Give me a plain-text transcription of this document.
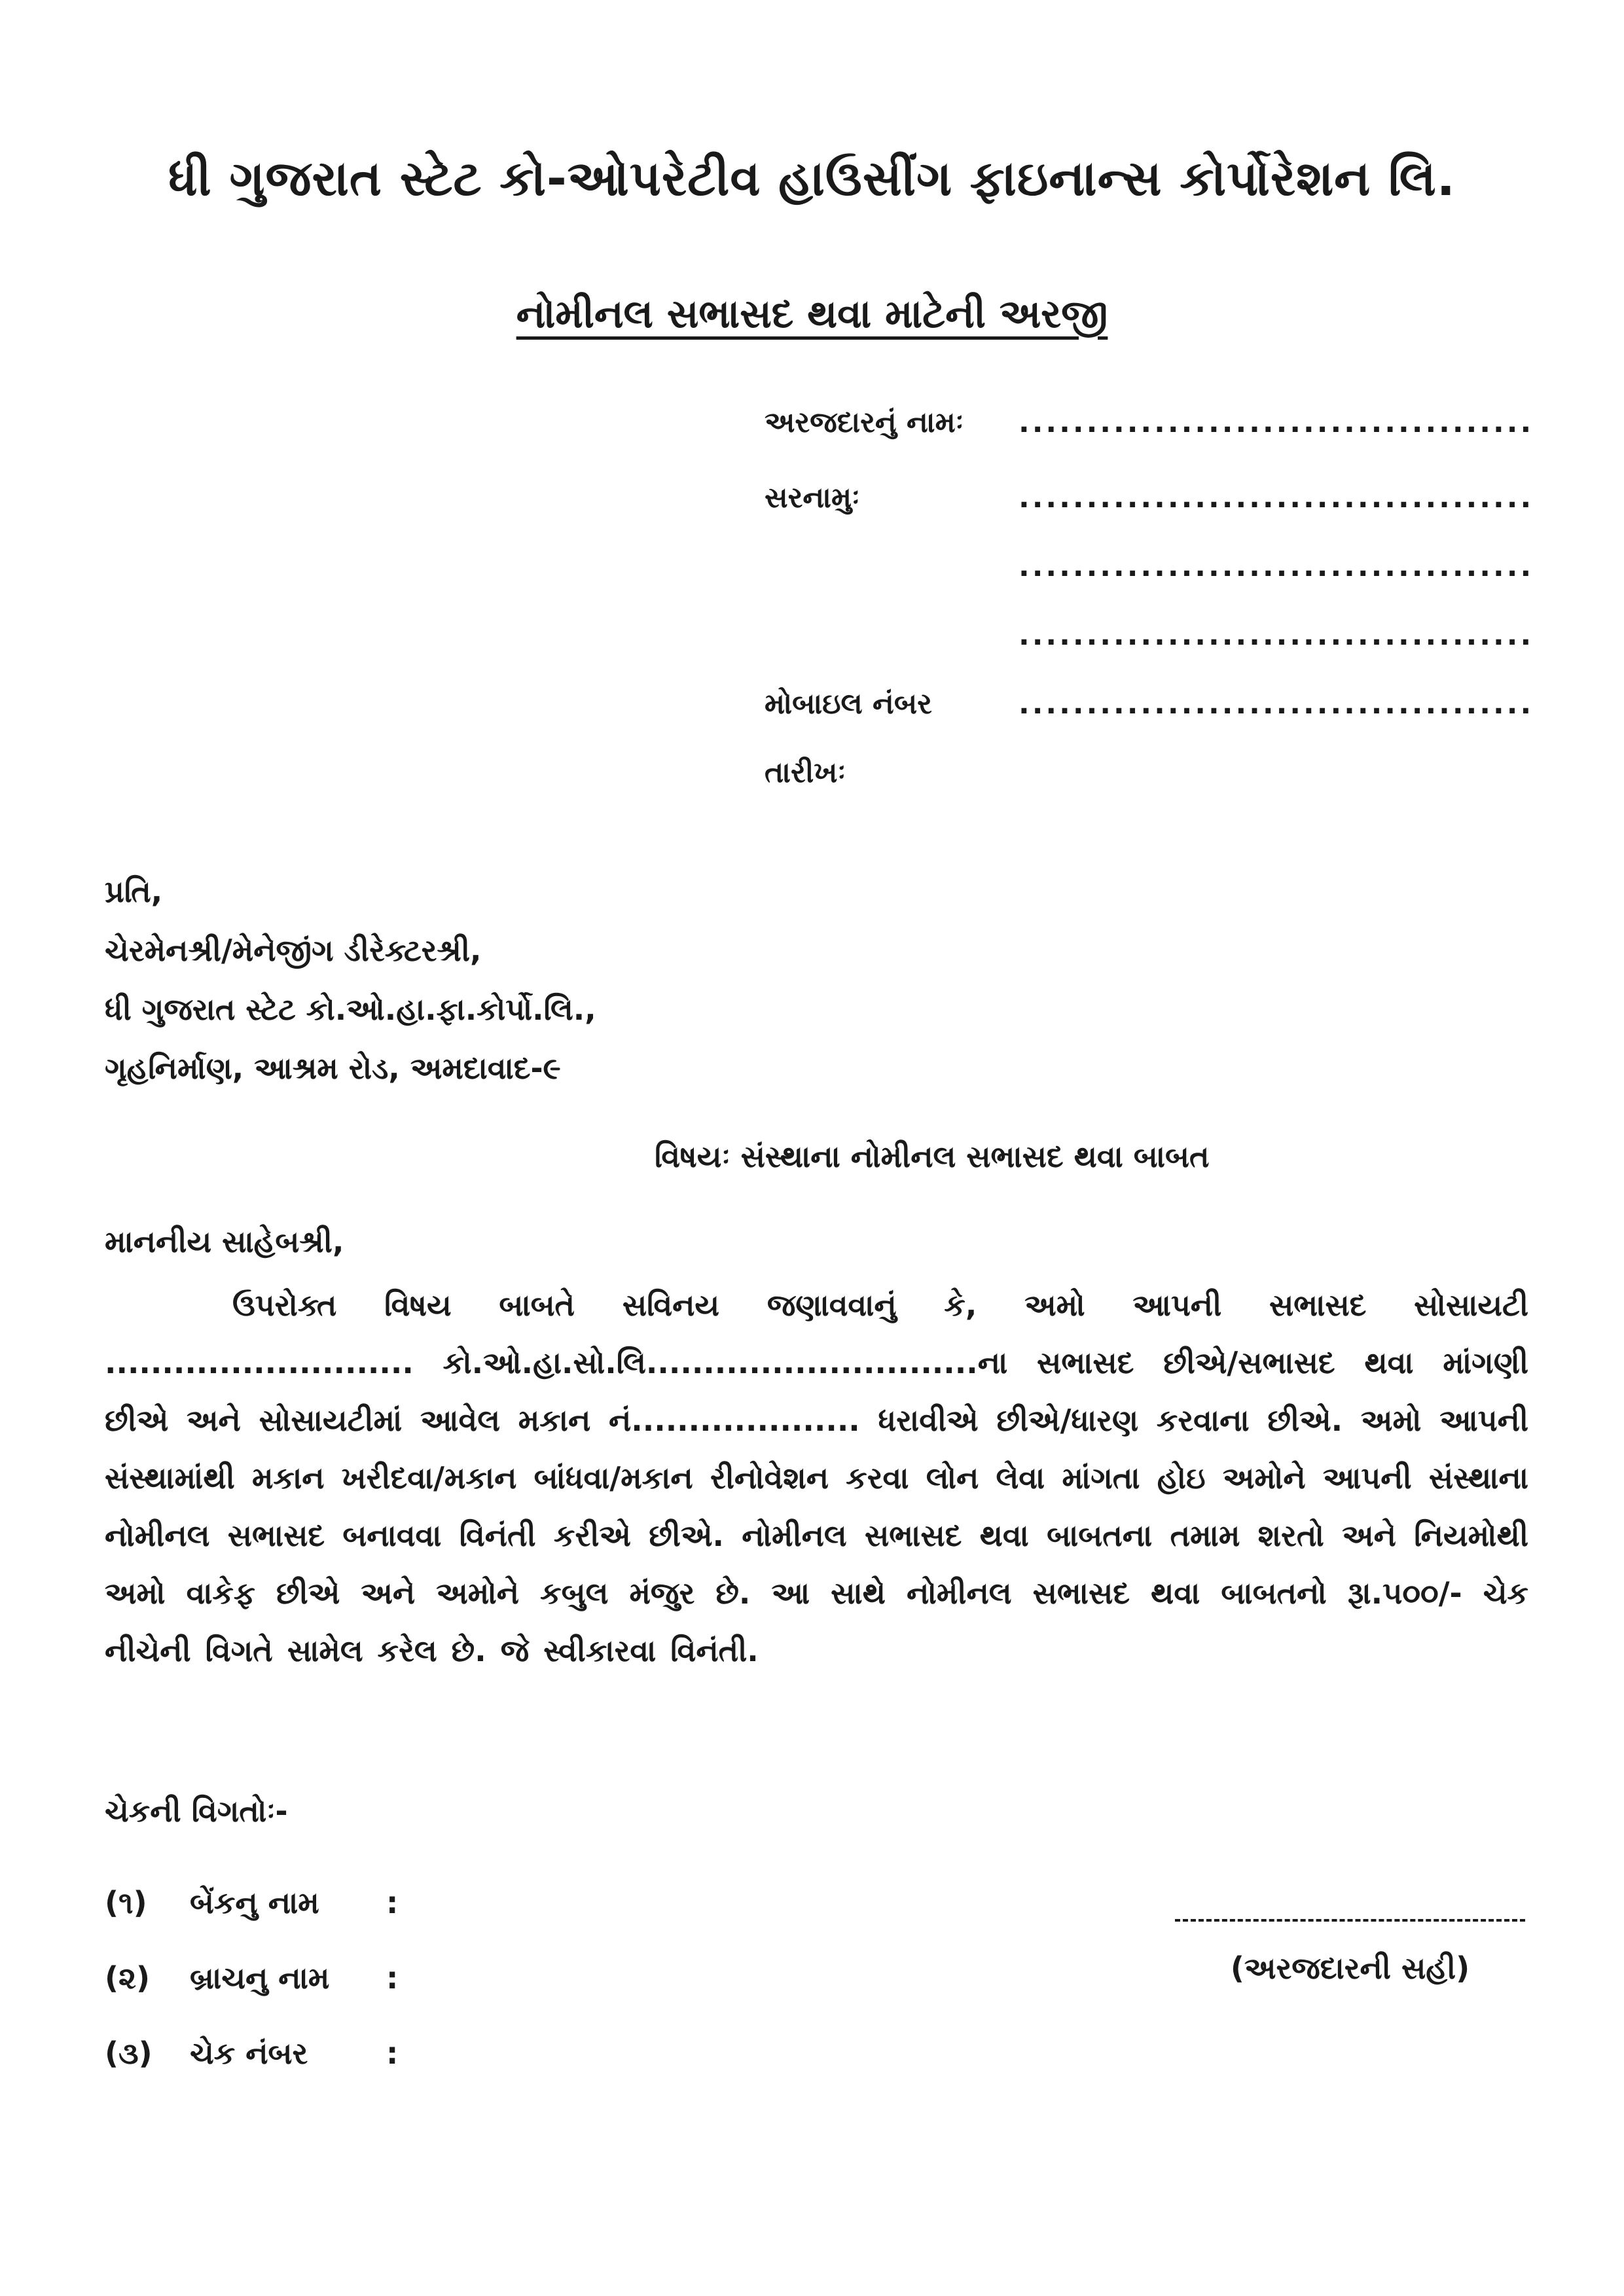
ધી ગુજરાત સ્ટેટ કો-ઓપરેટીવ હાઉસીંગ ફાઇનાન્સ કોર્પોરેશન લિ.
નોમીનલ સભાસદ થવા માટેની અરજી
અરજદારનું નામઃ ......................................
સરનામુઃ	......................................
......................................
......................................
મોબાઇલ નંબર	......................................
તારીખઃ
પ્રતિ,
ચેરમેનશ્રી/મેનેજીંગ ડીરેક્ટરશ્રી,
ધી ગુજરાત સ્ટેટ કો.ઓ.હા.ફા.કોર્પો.લિ.,
ગૃહનિર્માણ, આશ્રમ રોડ, અમદાવાદ-૯
વિષયઃ સંસ્થાના નોમીનલ સભાસદ થવા બાબત
માનનીય સાહેબશ્રી,
ઉપરોક્ત વિષય બાબતે સવિનય જણાવવાનું કે, અમો આપની સભાસદ સોસાયટી ........................... કો.ઓ.હા.સો.લિ.............................ના સભાસદ છીએ/સભાસદ થવા માંગણી છીએ અને સોસાયટીમાં આવેલ મકાન નં.................... ધરાવીએ છીએ/ધારણ કરવાના છીએ. અમો આપની સંસ્થામાંથી મકાન ખરીદવા/મકાન બાંધવા/મકાન રીનોવેશન કરવા લોન લેવા માંગતા હોઇ અમોને આપની સંસ્થાના નોમીનલ સભાસદ બનાવવા વિનંતી કરીએ છીએ. નોમીનલ સભાસદ થવા બાબતના તમામ શરતો અને નિયમોથી અમો વાકેફ છીએ અને અમોને કબુલ મંજુર છે. આ સાથે નોમીનલ સભાસદ થવા બાબતનો રૂા.૫૦૦/- ચેક નીચેની વિગતે સામેલ કરેલ છે. જે સ્વીકારવા વિનંતી.
ચેકની વિગતોઃ-
(૧) બેંકનુ નામ :
(૨) બ્રાચનુ નામ :
(૩) ચેક નંબર	:
(અરજદારની સહી)
